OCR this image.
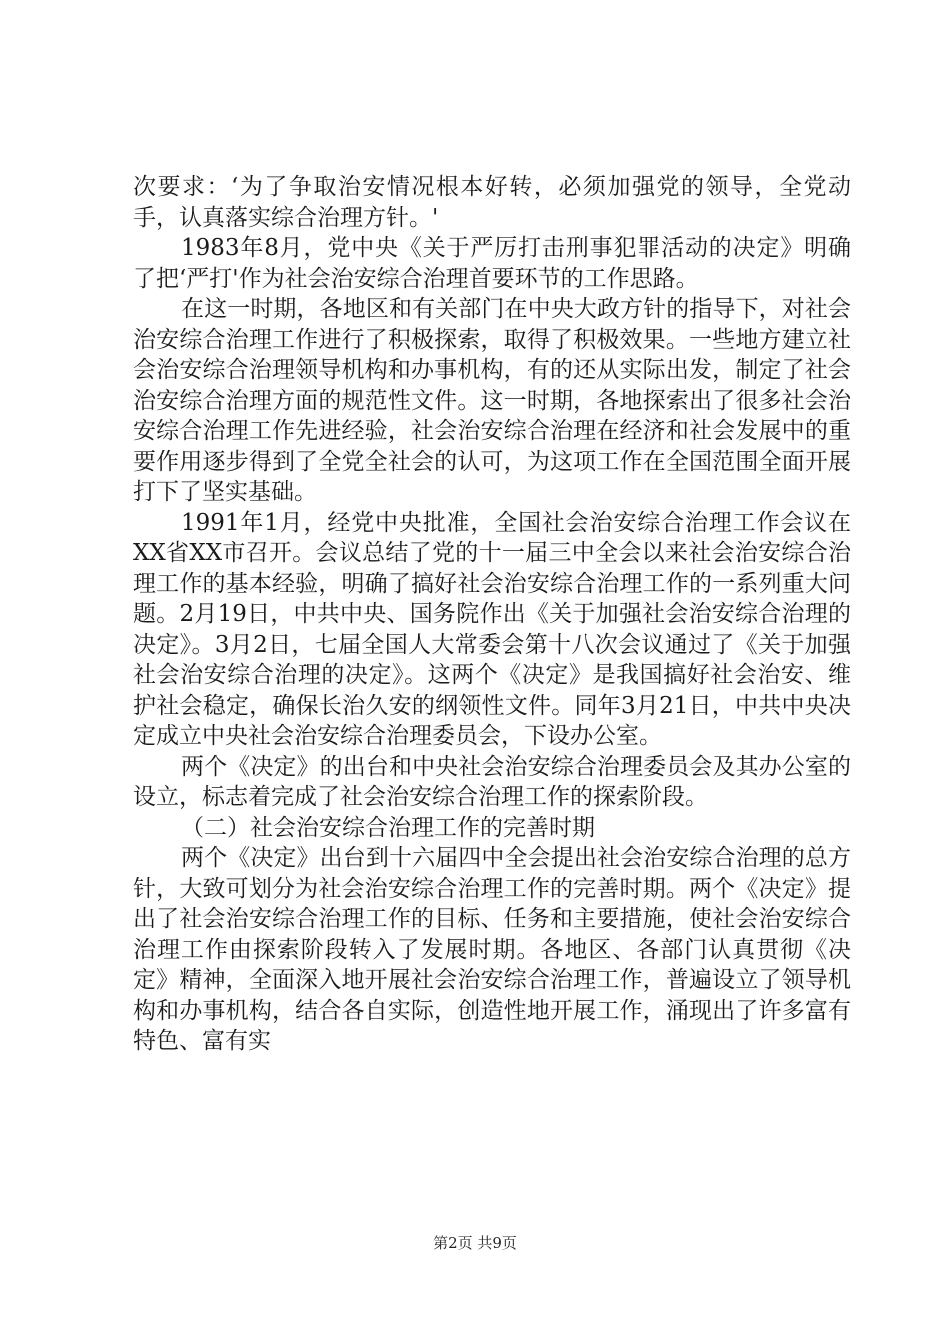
次要求：‘为了争取治安情况根本好转，必须加强党的领导，全党动手，认真落实综合治理方针。'

1983年8月，党中央《关于严厉打击刑事犯罪活动的决定》明确了把‘严打'作为社会治安综合治理首要环节的工作思路。

在这一时期，各地区和有关部门在中央大政方针的指导下，对社会治安综合治理工作进行了积极探索，取得了积极效果。一些地方建立社会治安综合治理领导机构和办事机构，有的还从实际出发，制定了社会治安综合治理方面的规范性文件。这一时期，各地探索出了很多社会治安综合治理工作先进经验，社会治安综合治理在经济和社会发展中的重要作用逐步得到了全党全社会的认可，为这项工作在全国范围全面开展打下了坚实基础。

1991年1月，经党中央批准，全国社会治安综合治理工作会议在XX省XX市召开。会议总结了党的十一届三中全会以来社会治安综合治理工作的基本经验，明确了搞好社会治安综合治理工作的一系列重大问题。2月19日，中共中央、国务院作出《关于加强社会治安综合治理的决定》。3月2日，七届全国人大常委会第十八次会议通过了《关于加强社会治安综合治理的决定》。这两个《决定》是我国搞好社会治安、维护社会稳定，确保长治久安的纲领性文件。同年3月21日，中共中央决定成立中央社会治安综合治理委员会，下设办公室。

两个《决定》的出台和中央社会治安综合治理委员会及其办公室的设立，标志着完成了社会治安综合治理工作的探索阶段。

（二）社会治安综合治理工作的完善时期

两个《决定》出台到十六届四中全会提出社会治安综合治理的总方针，大致可划分为社会治安综合治理工作的完善时期。两个《决定》提出了社会治安综合治理工作的目标、任务和主要措施，使社会治安综合治理工作由探索阶段转入了发展时期。各地区、各部门认真贯彻《决定》精神，全面深入地开展社会治安综合治理工作，普遍设立了领导机构和办事机构，结合各自实际，创造性地开展工作，涌现出了许多富有特色、富有实

第2页 共9页
